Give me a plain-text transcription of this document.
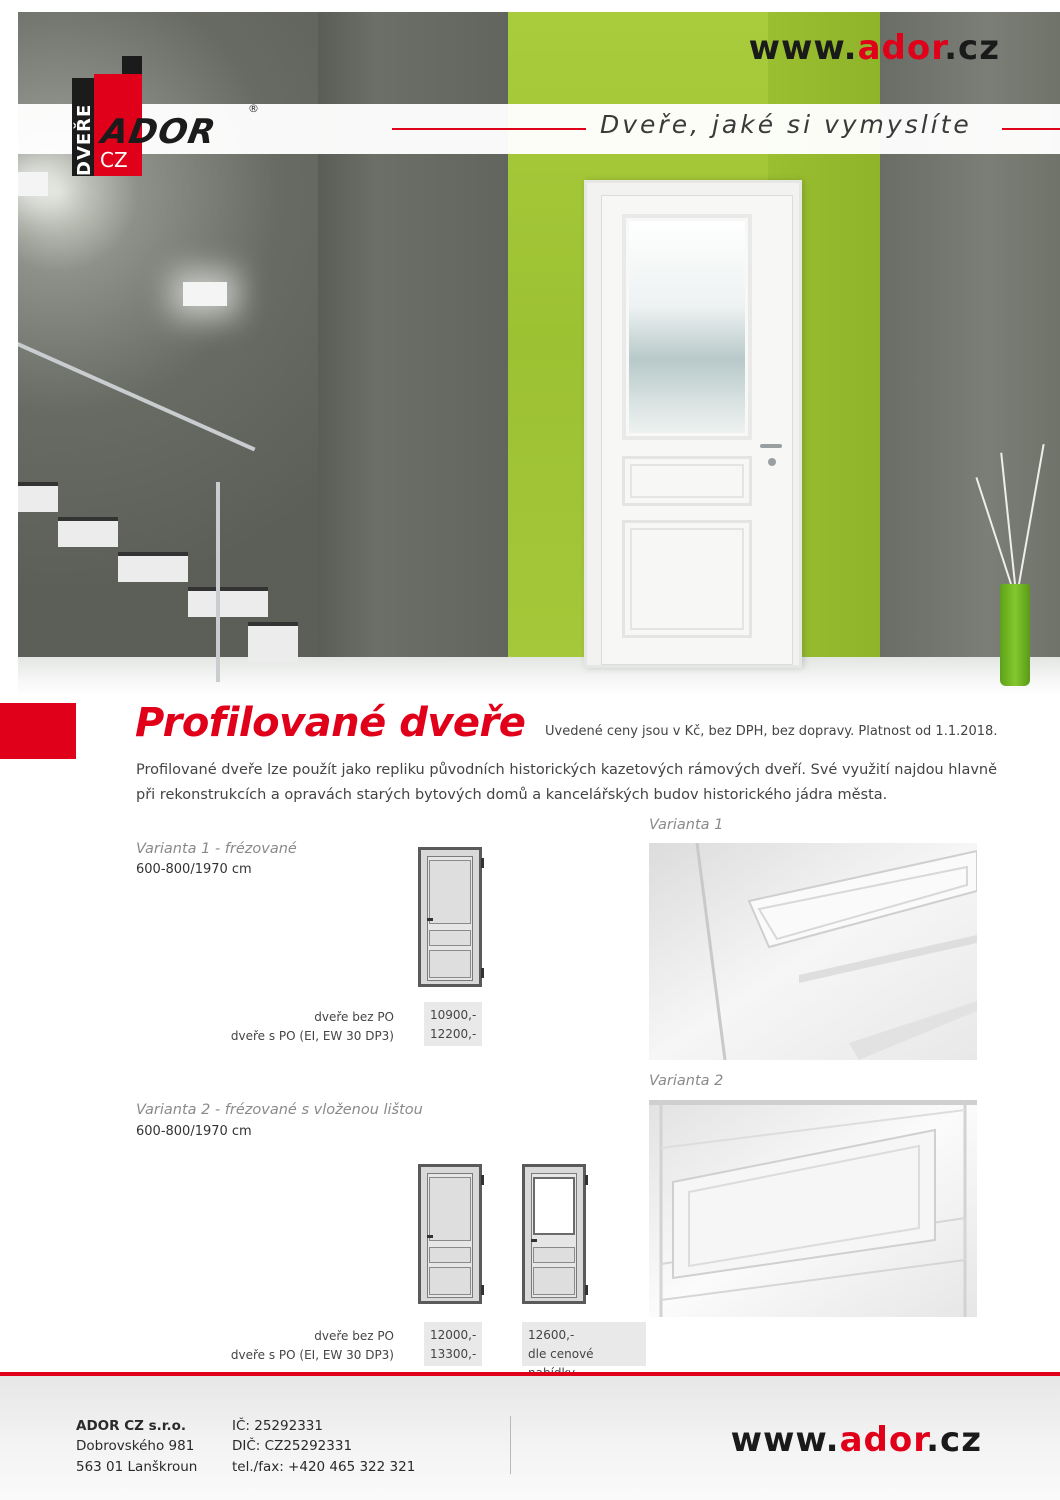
Dveře, jaké si vymyslíte
www.ador.cz
DVEŘE ADOR
CZ
®
Profilované dveře Uvedené ceny jsou v Kč, bez DPH, bez dopravy. Platnost od 1.1.2018.
Profilované dveře lze použít jako repliku původních historických kazetových rámových dveří. Své využití najdou hlavně při rekonstrukcích a opravách starých bytových domů a kancelářských budov historického jádra města.
Varianta 1 - frézované
600-800/1970 cm
dveře bez PO
dveře s PO (EI, EW 30 DP3)
10900,-
12200,-
Varianta 1
Varianta 2 - frézované s vloženou lištou
600-800/1970 cm
dveře bez PO
dveře s PO (EI, EW 30 DP3)
12000,-
13300,-
12600,-
dle cenové
Varianta 2
ADOR CZ s.r.o.
Dobrovského 981
563 01 Lanškroun
IČ: 25292331
DIČ: CZ25292331
tel./fax: +420 465 322 321
www.ador.cz
